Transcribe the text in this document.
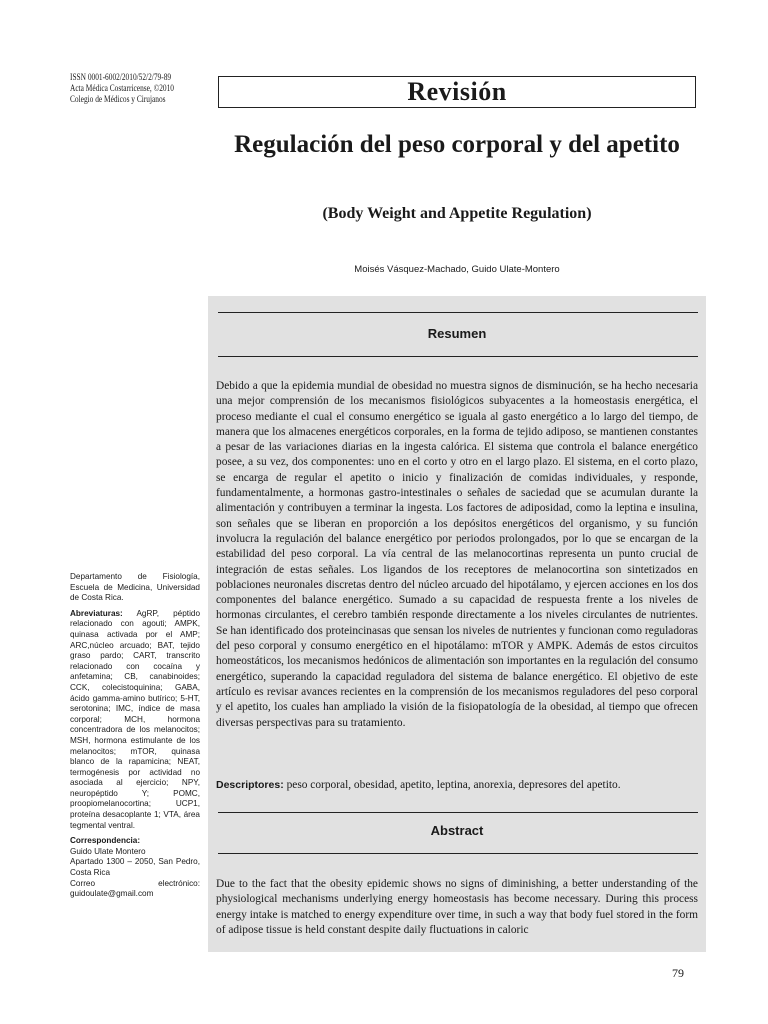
ISSN 0001-6002/2010/52/2/79-89
Acta Médica Costarricense, ©2010
Colegio de Médicos y Cirujanos	Revisión
Regulación del peso corporal y del apetito
(Body Weight and Appetite Regulation)
Moisés Vásquez-Machado, Guido Ulate-Montero

Departamento de Fisiología, Escuela de Medicina, Universidad de Costa Rica.

Abreviaturas: AgRP, péptido relacionado con agouti; AMPK, quinasa activada por el AMP; ARC,núcleo arcuado; BAT, tejido graso pardo; CART, transcrito relacionado con cocaína y anfetamina; CB, canabinoides; CCK, colecistoquinina; GABA, ácido gamma-amino butírico; 5-HT, serotonina; IMC, índice de masa corporal; MCH, hormona concentradora de los melanocitos; MSH, hormona estimulante de los melanocitos; mTOR, quinasa blanco de la rapamicina; NEAT, termogénesis por actividad no asociada al ejercicio; NPY, neuropéptido Y; POMC, proopiomelanocortina; UCP1, proteína desacoplante 1; VTA, área tegmental ventral.

Correspondencia:

Guido Ulate Montero

Apartado 1300 – 2050, San Pedro, Costa Rica

Correo electrónico: guidoulate@gmail.com

Resumen

Debido a que la epidemia mundial de obesidad no muestra signos de disminución, se ha hecho necesaria una mejor comprensión de los mecanismos fisiológicos subyacentes a la homeostasis energética, el proceso mediante el cual el consumo energético se iguala al gasto energético a lo largo del tiempo, de manera que los almacenes energéticos corporales, en la forma de tejido adiposo, se mantienen constantes a pesar de las variaciones diarias en la ingesta calórica. El sistema que controla el balance energético posee, a su vez, dos componentes: uno en el corto y otro en el largo plazo. El sistema, en el corto plazo, se encarga de regular el apetito o inicio y finalización de comidas individuales, y responde, fundamentalmente, a hormonas gastro-intestinales o señales de saciedad que se acumulan durante la alimentación y contribuyen a terminar la ingesta. Los factores de adiposidad, como la leptina e insulina, son señales que se liberan en proporción a los depósitos energéticos del organismo, y su función involucra la regulación del balance energético por periodos prolongados, por lo que se encargan de la estabilidad del peso corporal. La vía central de las melanocortinas representa un punto crucial de integración de estas señales. Los ligandos de los receptores de melanocortina son sintetizados en poblaciones neuronales discretas dentro del núcleo arcuado del hipotálamo, y ejercen acciones en los dos componentes del balance energético. Sumado a su capacidad de respuesta frente a los niveles de hormonas circulantes, el cerebro también responde directamente a los niveles circulantes de nutrientes. Se han identificado dos proteincinasas que sensan los niveles de nutrientes y funcionan como reguladoras del peso corporal y consumo energético en el hipotálamo: mTOR y AMPK. Además de estos circuitos homeostáticos, los mecanismos hedónicos de alimentación son importantes en la regulación del consumo energético, superando la capacidad reguladora del sistema de balance energético. El objetivo de este artículo es revisar avances recientes en la comprensión de los mecanismos reguladores del peso corporal y el apetito, los cuales han ampliado la visión de la fisiopatología de la obesidad, al tiempo que ofrecen diversas perspectivas para su tratamiento.

Descriptores: peso corporal, obesidad, apetito, leptina, anorexia, depresores del apetito.

Abstract

Due to the fact that the obesity epidemic shows no signs of diminishing, a better understanding of the physiological mechanisms underlying energy homeostasis has become necessary. During this process energy intake is matched to energy expenditure over time, in such a way that body fuel stored in the form of adipose tissue is held constant despite daily fluctuations in caloric

79
